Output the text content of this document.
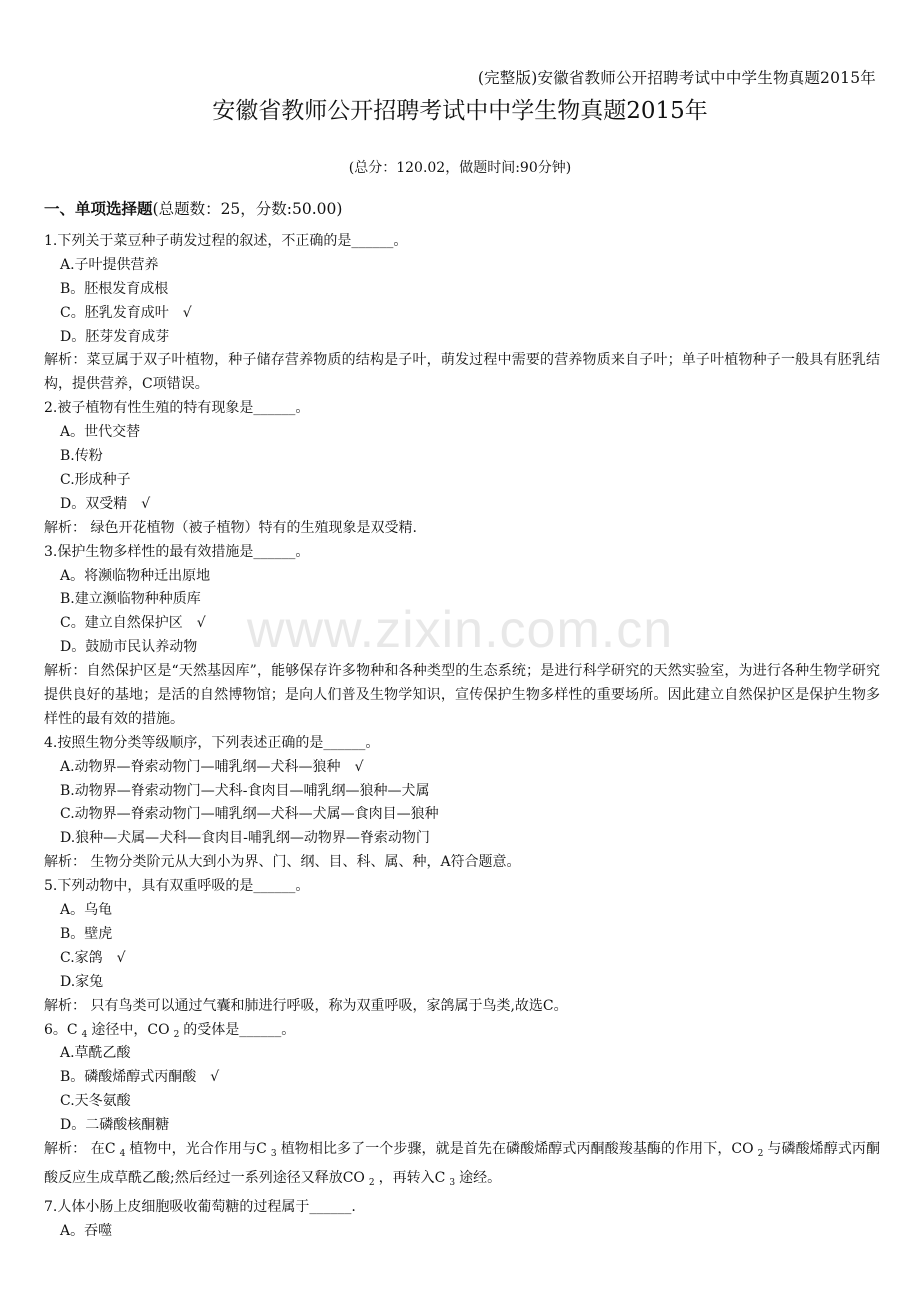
(完整版)安徽省教师公开招聘考试中中学生物真题2015年
安徽省教师公开招聘考试中中学生物真题2015年
(总分：120.02，做题时间:90分钟)
一、单项选择题(总题数：25，分数:50.00)
1.下列关于菜豆种子萌发过程的叙述，不正确的是______。
A.子叶提供营养
B。胚根发育成根
C。胚乳发育成叶 √
D。胚芽发育成芽
解析：菜豆属于双子叶植物，种子储存营养物质的结构是子叶，萌发过程中需要的营养物质来自子叶；单子叶植物种子一般具有胚乳结构，提供营养，C项错误。
2.被子植物有性生殖的特有现象是______。
A。世代交替
B.传粉
C.形成种子
D。双受精 √
解析： 绿色开花植物（被子植物）特有的生殖现象是双受精.
3.保护生物多样性的最有效措施是______。
A。将濒临物种迁出原地
B.建立濒临物种种质库
C。建立自然保护区 √
D。鼓励市民认养动物
解析：自然保护区是“天然基因库”，能够保存许多物种和各种类型的生态系统；是进行科学研究的天然实验室，为进行各种生物学研究提供良好的基地；是活的自然博物馆；是向人们普及生物学知识，宣传保护生物多样性的重要场所。因此建立自然保护区是保护生物多样性的最有效的措施。
4.按照生物分类等级顺序，下列表述正确的是______。
A.动物界—脊索动物门—哺乳纲—犬科—狼种 √
B.动物界—脊索动物门—犬科-食肉目—哺乳纲—狼种—犬属
C.动物界—脊索动物门—哺乳纲—犬科—犬属—食肉目—狼种
D.狼种—犬属—犬科—食肉目-哺乳纲—动物界—脊索动物门
解析： 生物分类阶元从大到小为界、门、纲、目、科、属、种，A符合题意。
5.下列动物中，具有双重呼吸的是______。
A。乌龟
B。壁虎
C.家鸽 √
D.家兔
解析： 只有鸟类可以通过气囊和肺进行呼吸，称为双重呼吸，家鸽属于鸟类,故选C。
6。C $_4$ 途径中，CO $_2$ 的受体是______。
A.草酰乙酸
B。磷酸烯醇式丙酮酸 √
C.天冬氨酸
D。二磷酸核酮糖
解析： 在C $_4$ 植物中，光合作用与C $_3$ 植物相比多了一个步骤，就是首先在磷酸烯醇式丙酮酸羧基酶的作用下，CO $_2$ 与磷酸烯醇式丙酮酸反应生成草酰乙酸;然后经过一系列途径又释放CO $_2$ ，再转入C $_3$ 途经。
7.人体小肠上皮细胞吸收葡萄糖的过程属于______.
A。吞噬
www.zixin.com.cn
